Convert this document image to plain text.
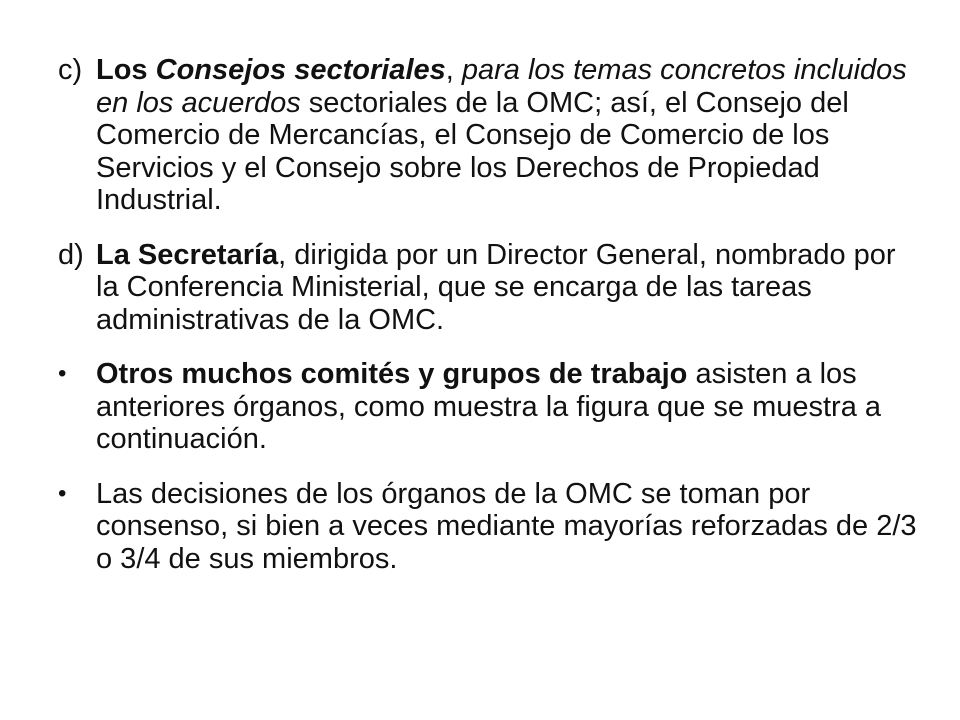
c) Los Consejos sectoriales, para los temas concretos incluidos en los acuerdos sectoriales de la OMC; así, el Consejo del Comercio de Mercancías, el Consejo de Comercio de los Servicios y el Consejo sobre los Derechos de Propiedad Industrial.

d) La Secretaría, dirigida por un Director General, nombrado por la Conferencia Ministerial, que se encarga de las tareas administrativas de la OMC.

• Otros muchos comités y grupos de trabajo asisten a los anteriores órganos, como muestra la figura que se muestra a continuación.

• Las decisiones de los órganos de la OMC se toman por consenso, si bien a veces mediante mayorías reforzadas de 2/3 o 3/4 de sus miembros.
